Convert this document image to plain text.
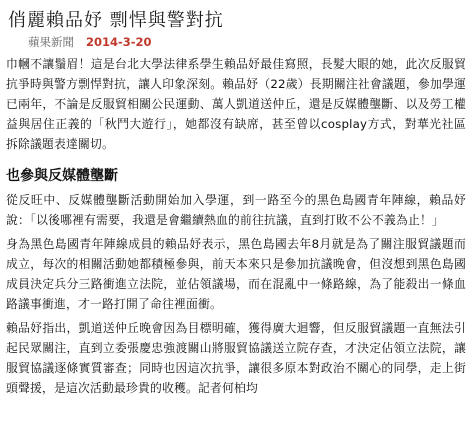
俏麗賴品妤 剽悍與警對抗
蘋果新聞 2014-3-20

巾幗不讓鬚眉！這是台北大學法律系學生賴品妤最佳寫照，長髮大眼的她，此次反服貿抗爭時與警方剽悍對抗，讓人印象深刻。賴品妤（22歲）長期關注社會議題，參加學運已兩年，不論是反服貿相關公民運動、萬人凱道送仲丘，還是反媒體壟斷、以及勞工權益與居住正義的「秋鬥大遊行」，她都沒有缺席，甚至曾以cosplay方式，對華光社區拆除議題表達關切。

也參與反媒體壟斷

從反旺中、反媒體壟斷活動開始加入學運，到一路至今的黑色島國青年陣線，賴品妤說：「以後哪裡有需要，我還是會繼續熱血的前往抗議，直到打敗不公不義為止！」

身為黑色島國青年陣線成員的賴品妤表示，黑色島國去年8月就是為了關注服貿議題而成立，每次的相關活動她都積極參與，前天本來只是參加抗議晚會，但沒想到黑色島國成員決定兵分三路衝進立法院，並佔領議場，而在混亂中一條路線，為了能殺出一條血路議事衝進，才一路打開了命往裡面衝。

賴品妤指出，凱道送仲丘晚會因為目標明確，獲得廣大迴響，但反服貿議題一直無法引起民眾關注，直到立委張慶忠強渡關山將服貿協議送立院存查，才決定佔領立法院，讓服貿協議逐條實質審查；同時也因這次抗爭，讓很多原本對政治不關心的同學，走上街頭聲援，是這次活動最珍貴的收穫。記者何柏均
